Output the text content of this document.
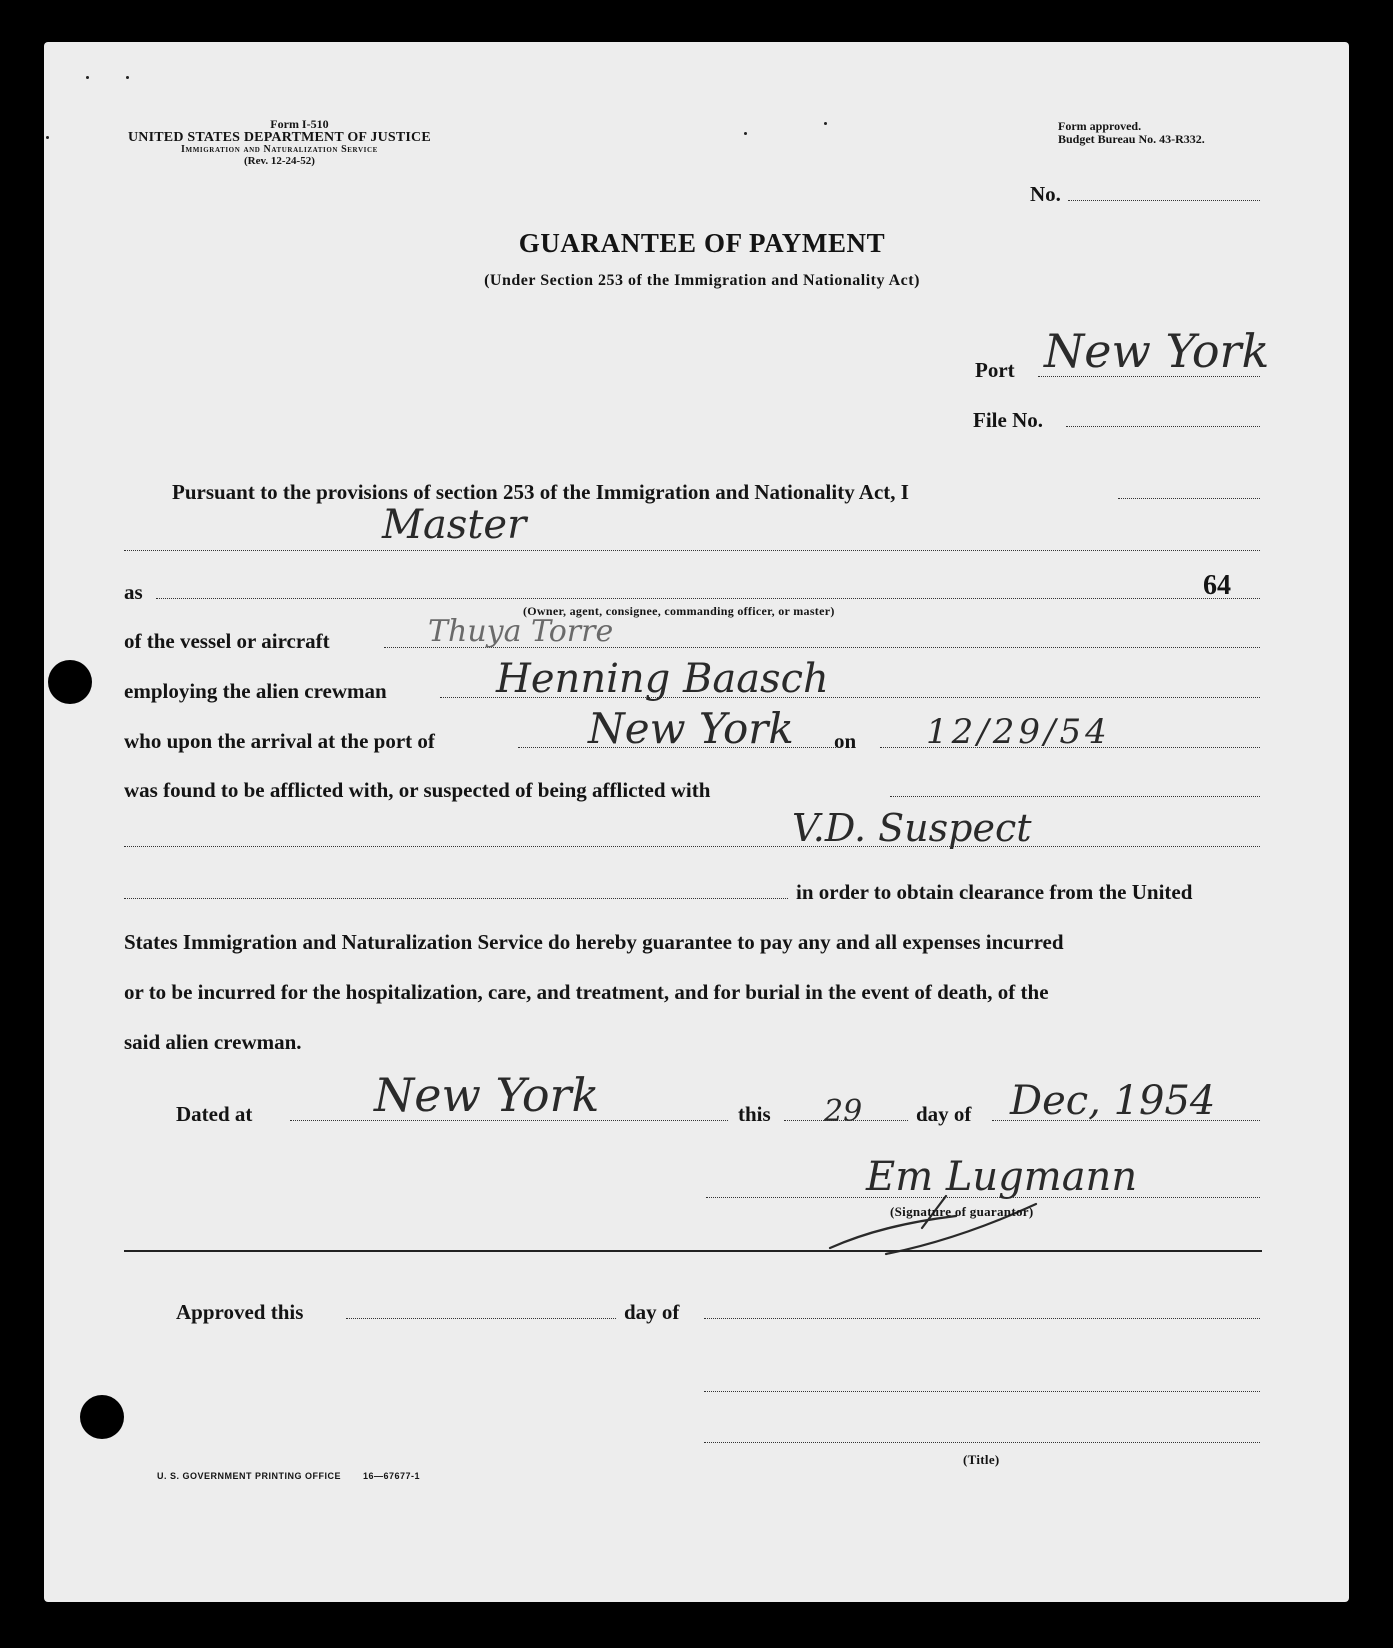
Form I-510
UNITED STATES DEPARTMENT OF JUSTICE
Immigration and Naturalization Service
(Rev. 12-24-52)
Form approved.
Budget Bureau No. 43-R332.
No.
GUARANTEE OF PAYMENT
(Under Section 253 of the Immigration and Nationality Act)
Port New York
File No.
Pursuant to the provisions of section 253 of the Immigration and Nationality Act, I
Master
as	64
(Owner, agent, consignee, commanding officer, or master)
of the vessel or aircraft	Thuya Torre
employing the alien crewman	Henning Baasch
who upon the arrival at the port of	New York on 12/29/54
was found to be afflicted with, or suspected of being afflicted with
V.D. Suspect
in order to obtain clearance from the United
States Immigration and Naturalization Service do hereby guarantee to pay any and all expenses incurred
or to be incurred for the hospitalization, care, and treatment, and for burial in the event of death, of the
said alien crewman.
Dated at	New York	this 29	day of Dec, 1954
Em Lugmann
(Signature of guarantor)
Approved this	day of
(Title)
U. S. GOVERNMENT PRINTING OFFICE 16—67677-1
